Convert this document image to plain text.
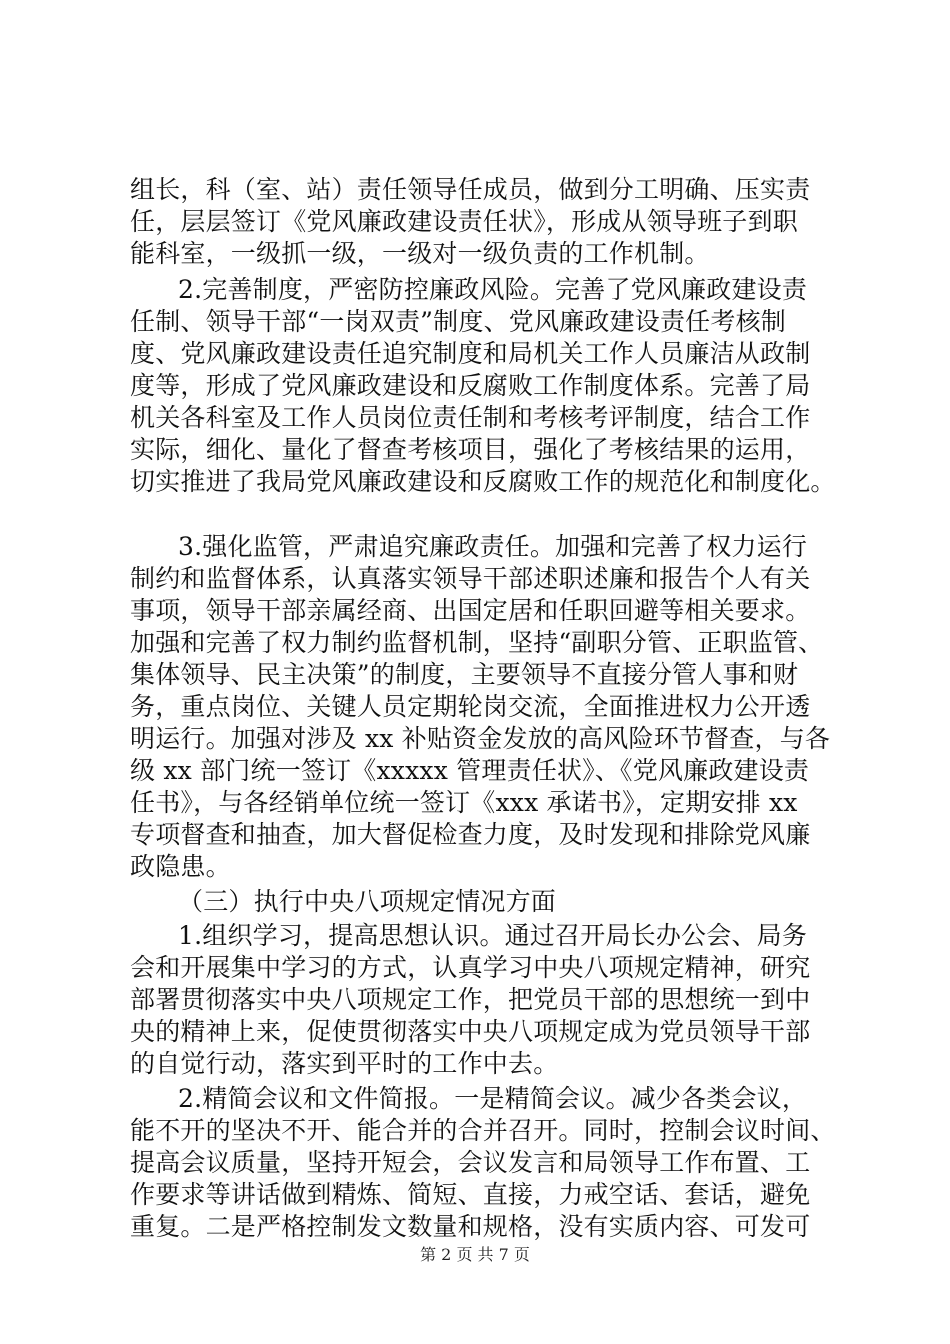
组长，科（室、站）责任领导任成员，做到分工明确、压实责
任，层层签订《党风廉政建设责任状》，形成从领导班子到职
能科室，一级抓一级，一级对一级负责的工作机制。
2.完善制度，严密防控廉政风险。完善了党风廉政建设责
任制、领导干部“一岗双责”制度、党风廉政建设责任考核制
度、党风廉政建设责任追究制度和局机关工作人员廉洁从政制
度等，形成了党风廉政建设和反腐败工作制度体系。完善了局
机关各科室及工作人员岗位责任制和考核考评制度，结合工作
实际，细化、量化了督查考核项目，强化了考核结果的运用，
切实推进了我局党风廉政建设和反腐败工作的规范化和制度化。
3.强化监管，严肃追究廉政责任。加强和完善了权力运行
制约和监督体系，认真落实领导干部述职述廉和报告个人有关
事项，领导干部亲属经商、出国定居和任职回避等相关要求。
加强和完善了权力制约监督机制，坚持“副职分管、正职监管、
集体领导、民主决策”的制度，主要领导不直接分管人事和财
务，重点岗位、关键人员定期轮岗交流，全面推进权力公开透
明运行。加强对涉及 xx 补贴资金发放的高风险环节督查，与各
级 xx 部门统一签订《xxxxx 管理责任状》、《党风廉政建设责
任书》，与各经销单位统一签订《xxx 承诺书》，定期安排 xx
专项督查和抽查，加大督促检查力度，及时发现和排除党风廉
政隐患。
（三）执行中央八项规定情况方面
1.组织学习，提高思想认识。通过召开局长办公会、局务
会和开展集中学习的方式，认真学习中央八项规定精神，研究
部署贯彻落实中央八项规定工作，把党员干部的思想统一到中
央的精神上来，促使贯彻落实中央八项规定成为党员领导干部
的自觉行动，落实到平时的工作中去。
2.精简会议和文件简报。一是精简会议。减少各类会议，
能不开的坚决不开、能合并的合并召开。同时，控制会议时间、
提高会议质量，坚持开短会，会议发言和局领导工作布置、工
作要求等讲话做到精炼、简短、直接，力戒空话、套话，避免
重复。二是严格控制发文数量和规格，没有实质内容、可发可
第 2 页 共 7 页
